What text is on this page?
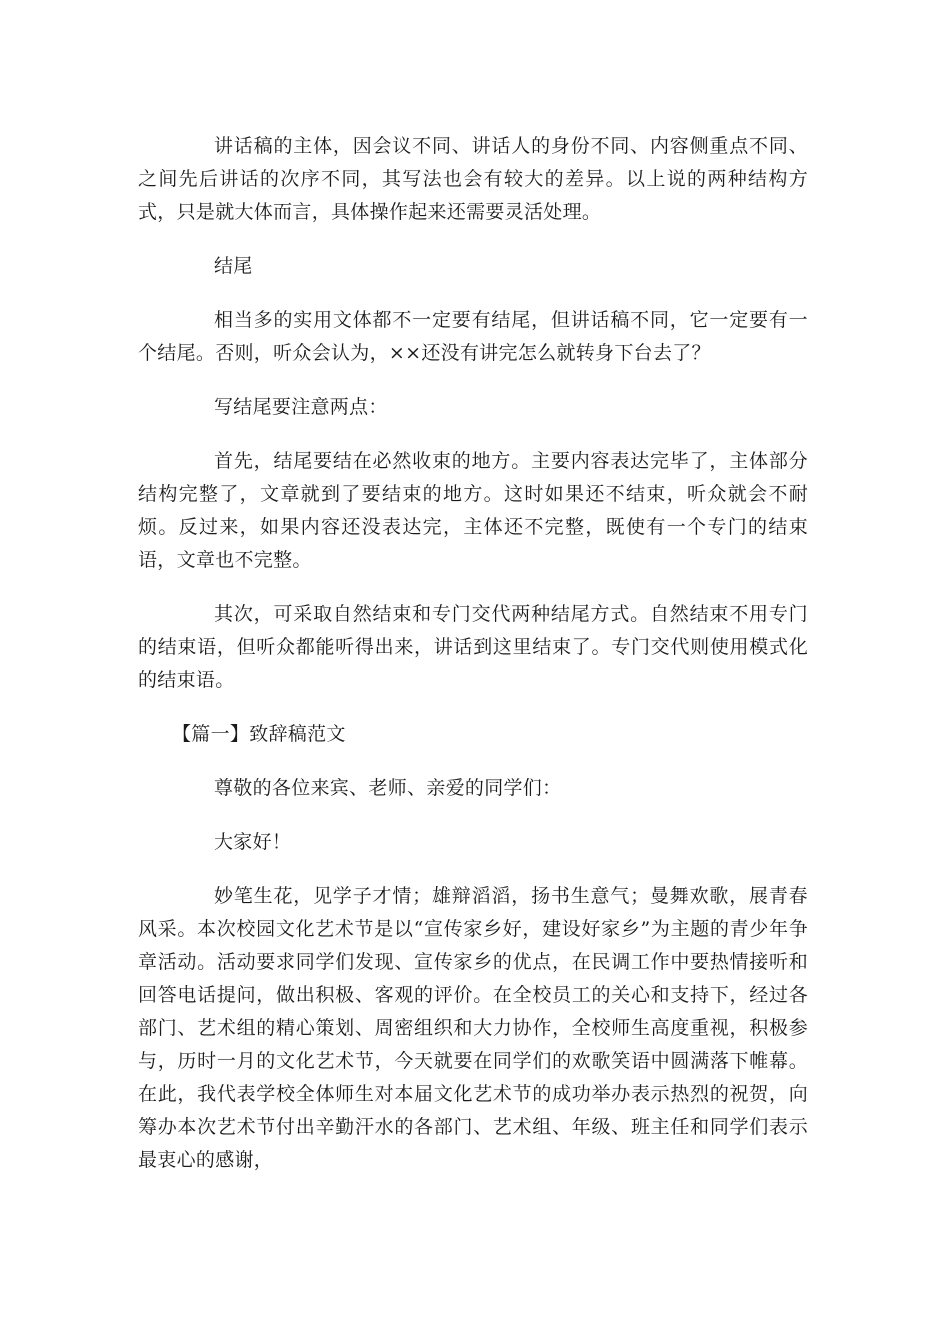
讲话稿的主体，因会议不同、讲话人的身份不同、内容侧重点不同、之间先后讲话的次序不同，其写法也会有较大的差异。以上说的两种结构方式，只是就大体而言，具体操作起来还需要灵活处理。

结尾

相当多的实用文体都不一定要有结尾，但讲话稿不同，它一定要有一个结尾。否则，听众会认为，××还没有讲完怎么就转身下台去了？

写结尾要注意两点：

首先，结尾要结在必然收束的地方。主要内容表达完毕了，主体部分结构完整了，文章就到了要结束的地方。这时如果还不结束，听众就会不耐烦。反过来，如果内容还没表达完，主体还不完整，既使有一个专门的结束语，文章也不完整。

其次，可采取自然结束和专门交代两种结尾方式。自然结束不用专门的结束语，但听众都能听得出来，讲话到这里结束了。专门交代则使用模式化的结束语。

【篇一】致辞稿范文

尊敬的各位来宾、老师、亲爱的同学们：

大家好！

妙笔生花，见学子才情；雄辩滔滔，扬书生意气；曼舞欢歌，展青春风采。本次校园文化艺术节是以“宣传家乡好，建设好家乡”为主题的青少年争章活动。活动要求同学们发现、宣传家乡的优点，在民调工作中要热情接听和回答电话提问，做出积极、客观的评价。在全校员工的关心和支持下，经过各部门、艺术组的精心策划、周密组织和大力协作，全校师生高度重视，积极参与，历时一月的文化艺术节，今天就要在同学们的欢歌笑语中圆满落下帷幕。在此，我代表学校全体师生对本届文化艺术节的成功举办表示热烈的祝贺，向筹办本次艺术节付出辛勤汗水的各部门、艺术组、年级、班主任和同学们表示最衷心的感谢，
